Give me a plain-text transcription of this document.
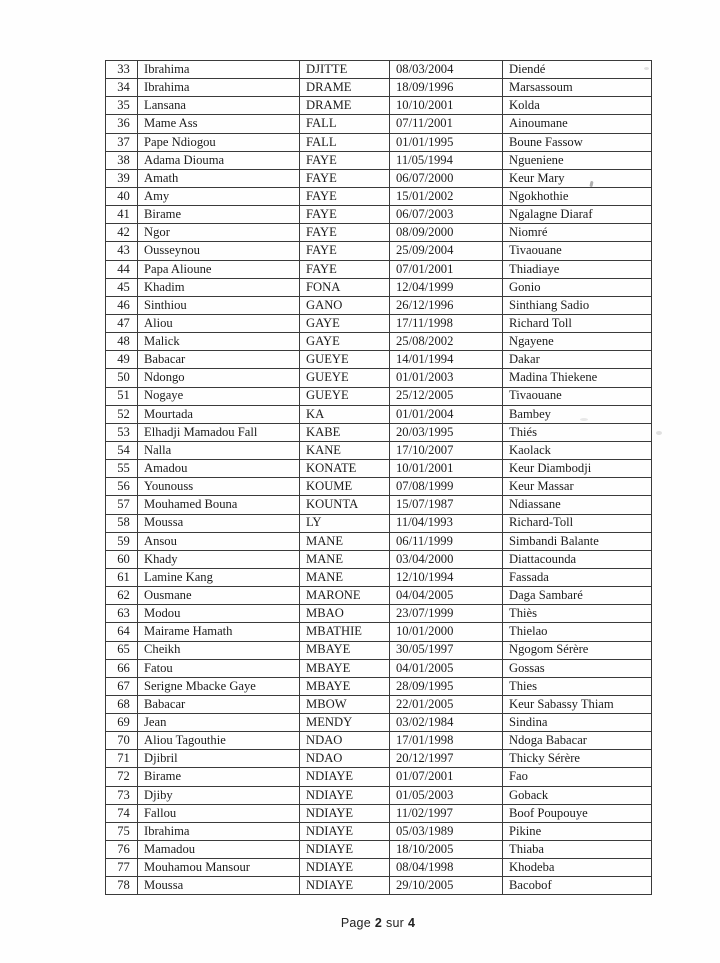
33	Ibrahima	DJITTE	08/03/2004	Diendé
34	Ibrahima	DRAME	18/09/1996	Marsassoum
35	Lansana	DRAME	10/10/2001	Kolda
36	Mame Ass	FALL	07/11/2001	Ainoumane
37	Pape Ndiogou	FALL	01/01/1995	Boune Fassow
38	Adama Diouma	FAYE	11/05/1994	Ngueniene
39	Amath	FAYE	06/07/2000	Keur Mary
40	Amy	FAYE	15/01/2002	Ngokhothie
41	Birame	FAYE	06/07/2003	Ngalagne Diaraf
42	Ngor	FAYE	08/09/2000	Niomré
43	Ousseynou	FAYE	25/09/2004	Tivaouane
44	Papa Alioune	FAYE	07/01/2001	Thiadiaye
45	Khadim	FONA	12/04/1999	Gonio
46	Sinthiou	GANO	26/12/1996	Sinthiang Sadio
47	Aliou	GAYE	17/11/1998	Richard Toll
48	Malick	GAYE	25/08/2002	Ngayene
49	Babacar	GUEYE	14/01/1994	Dakar
50	Ndongo	GUEYE	01/01/2003	Madina Thiekene
51	Nogaye	GUEYE	25/12/2005	Tivaouane
52	Mourtada	KA	01/01/2004	Bambey
53	Elhadji Mamadou Fall	KABE	20/03/1995	Thiés
54	Nalla	KANE	17/10/2007	Kaolack
55	Amadou	KONATE	10/01/2001	Keur Diambodji
56	Younouss	KOUME	07/08/1999	Keur Massar
57	Mouhamed Bouna	KOUNTA	15/07/1987	Ndiassane
58	Moussa	LY	11/04/1993	Richard-Toll
59	Ansou	MANE	06/11/1999	Simbandi Balante
60	Khady	MANE	03/04/2000	Diattacounda
61	Lamine Kang	MANE	12/10/1994	Fassada
62	Ousmane	MARONE	04/04/2005	Daga Sambaré
63	Modou	MBAO	23/07/1999	Thiès
64	Mairame Hamath	MBATHIE	10/01/2000	Thielao
65	Cheikh	MBAYE	30/05/1997	Ngogom Sérère
66	Fatou	MBAYE	04/01/2005	Gossas
67	Serigne Mbacke Gaye	MBAYE	28/09/1995	Thies
68	Babacar	MBOW	22/01/2005	Keur Sabassy Thiam
69	Jean	MENDY	03/02/1984	Sindina
70	Aliou Tagouthie	NDAO	17/01/1998	Ndoga Babacar
71	Djibril	NDAO	20/12/1997	Thicky Sérère
72	Birame	NDIAYE	01/07/2001	Fao
73	Djiby	NDIAYE	01/05/2003	Goback
74	Fallou	NDIAYE	11/02/1997	Boof Poupouye
75	Ibrahima	NDIAYE	05/03/1989	Pikine
76	Mamadou	NDIAYE	18/10/2005	Thiaba
77	Mouhamou Mansour	NDIAYE	08/04/1998	Khodeba
78	Moussa	NDIAYE	29/10/2005	Bacobof
Page 2 sur 4
